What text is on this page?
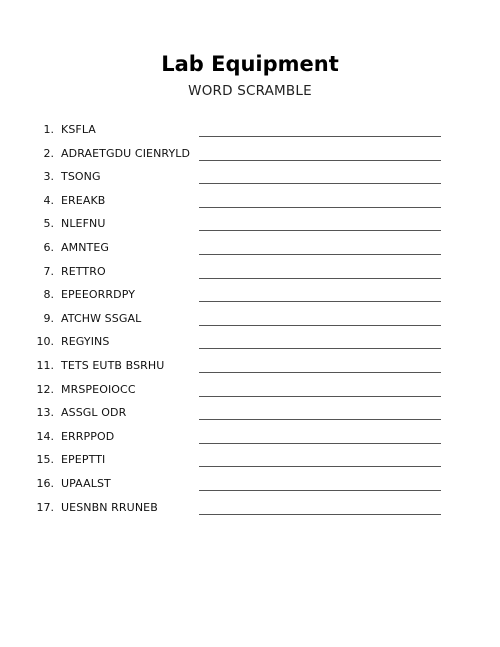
Lab Equipment
WORD SCRAMBLE
1. KSFLA
2. ADRAETGDU CIENRYLD
3. TSONG
4. EREAKB
5. NLEFNU
6. AMNTEG
7. RETTRO
8. EPEEORRDPY
9. ATCHW SSGAL
10. REGYINS
11. TETS EUTB BSRHU
12. MRSPEOIOCC
13. ASSGL ODR
14. ERRPPOD
15. EPEPTTI
16. UPAALST
17. UESNBN RRUNEB
